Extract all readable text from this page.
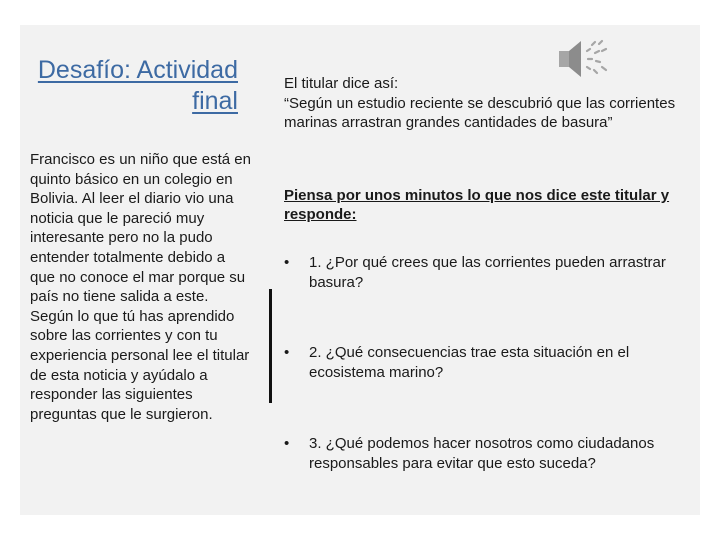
Desafío: Actividad
final
Francisco es un niño que está en quinto básico en un colegio en Bolivia. Al leer el diario vio una noticia que le pareció muy interesante pero no la pudo entender totalmente debido a que no conoce el mar porque su país no tiene salida a este. Según lo que tú has aprendido sobre las corrientes y con tu experiencia personal lee el titular de esta noticia y ayúdalo a responder las siguientes preguntas que le surgieron.

El titular dice así:

“Según un estudio reciente se descubrió que las corrientes marinas arrastran grandes cantidades de basura”

Piensa por unos minutos lo que nos dice este titular y responde:
•	1. ¿Por qué crees que las corrientes pueden arrastrar basura?
•	2. ¿Qué consecuencias trae esta situación en el ecosistema marino?
•	3. ¿Qué podemos hacer nosotros como ciudadanos responsables para evitar que esto suceda?
